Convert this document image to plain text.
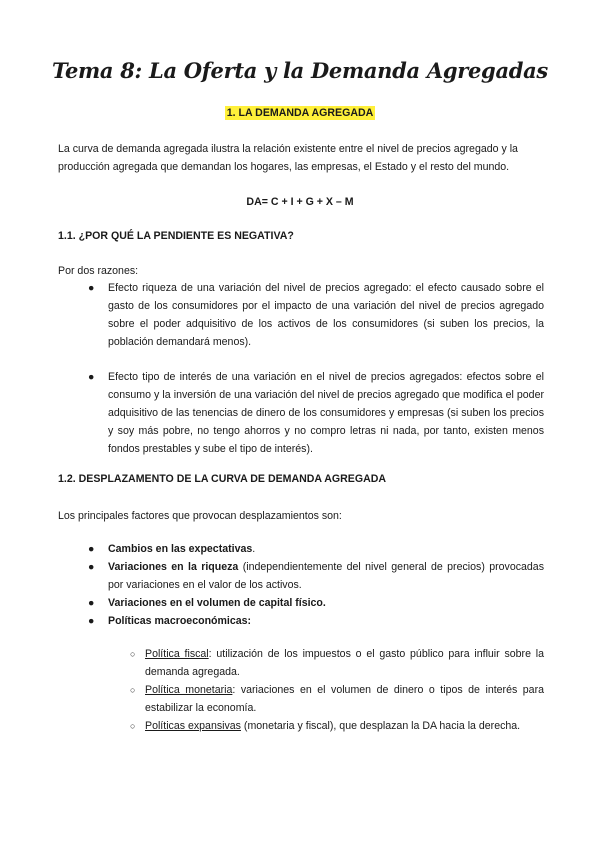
Tema 8: La Oferta y la Demanda Agregadas
1. LA DEMANDA AGREGADA

La curva de demanda agregada ilustra la relación existente entre el nivel de precios agregado y la producción agregada que demandan los hogares, las empresas, el Estado y el resto del mundo.

DA= C + I + G + X – M
1.1. ¿POR QUÉ LA PENDIENTE ES NEGATIVA?
Por dos razones:
● Efecto riqueza de una variación del nivel de precios agregado: el efecto causado sobre el gasto de los consumidores por el impacto de una variación del nivel de precios agregado sobre el poder adquisitivo de los activos de los consumidores (si suben los precios, la población demandará menos).
● Efecto tipo de interés de una variación en el nivel de precios agregados: efectos sobre el consumo y la inversión de una variación del nivel de precios agregado que modifica el poder adquisitivo de las tenencias de dinero de los consumidores y empresas (si suben los precios y soy más pobre, no tengo ahorros y no compro letras ni nada, por tanto, existen menos fondos prestables y sube el tipo de interés).
1.2. DESPLAZAMENTO DE LA CURVA DE DEMANDA AGREGADA
Los principales factores que provocan desplazamientos son:
● Cambios en las expectativas.
● Variaciones en la riqueza (independientemente del nivel general de precios) provocadas por variaciones en el valor de los activos.
● Variaciones en el volumen de capital físico.
● Políticas macroeconómicas:
○ Política fiscal: utilización de los impuestos o el gasto público para influir sobre la demanda agregada.
○ Política monetaria: variaciones en el volumen de dinero o tipos de interés para estabilizar la economía.
○ Políticas expansivas (monetaria y fiscal), que desplazan la DA hacia la derecha.
